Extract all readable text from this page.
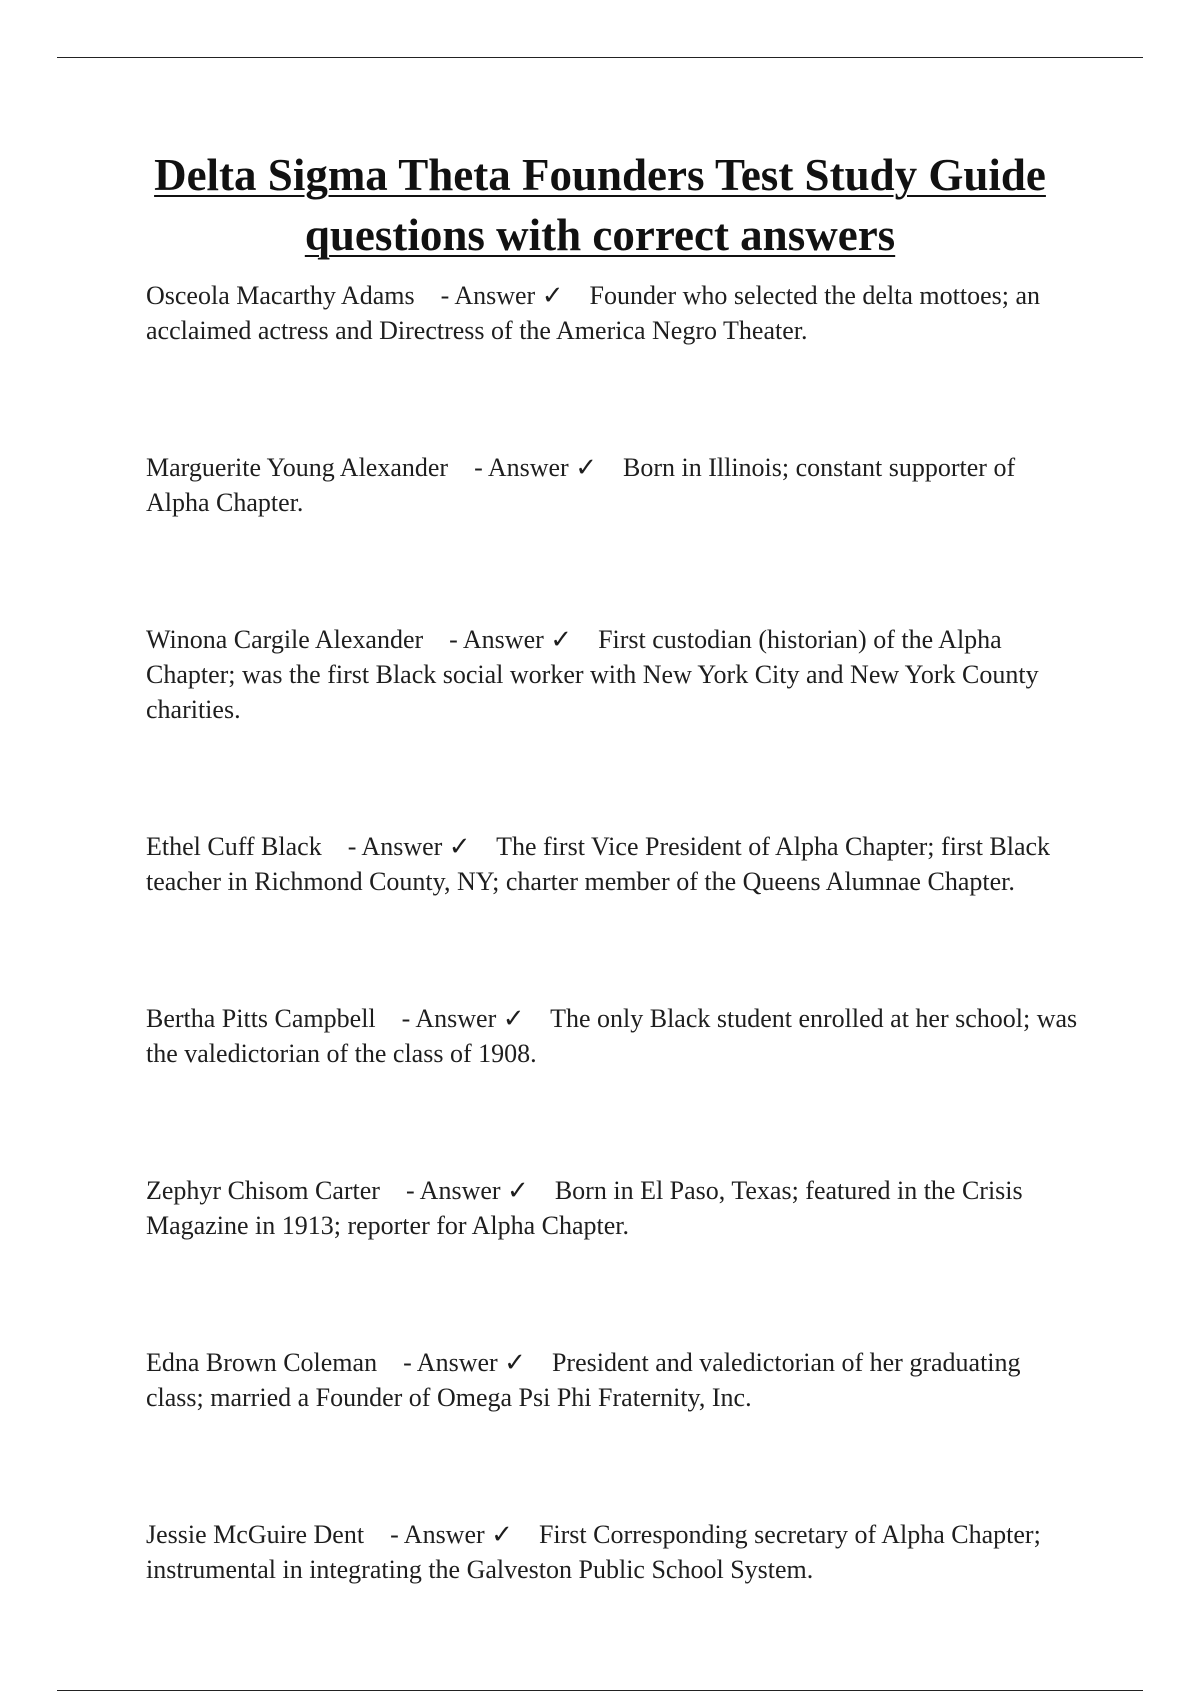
Delta Sigma Theta Founders Test Study Guide questions with correct answers
Osceola Macarthy Adams - Answer ✓ Founder who selected the delta mottoes; an acclaimed actress and Directress of the America Negro Theater.
Marguerite Young Alexander - Answer ✓ Born in Illinois; constant supporter of Alpha Chapter.
Winona Cargile Alexander - Answer ✓ First custodian (historian) of the Alpha Chapter; was the first Black social worker with New York City and New York County charities.
Ethel Cuff Black - Answer ✓ The first Vice President of Alpha Chapter; first Black teacher in Richmond County, NY; charter member of the Queens Alumnae Chapter.
Bertha Pitts Campbell - Answer ✓ The only Black student enrolled at her school; was the valedictorian of the class of 1908.
Zephyr Chisom Carter - Answer ✓ Born in El Paso, Texas; featured in the Crisis Magazine in 1913; reporter for Alpha Chapter.
Edna Brown Coleman - Answer ✓ President and valedictorian of her graduating class; married a Founder of Omega Psi Phi Fraternity, Inc.
Jessie McGuire Dent - Answer ✓ First Corresponding secretary of Alpha Chapter; instrumental in integrating the Galveston Public School System.
